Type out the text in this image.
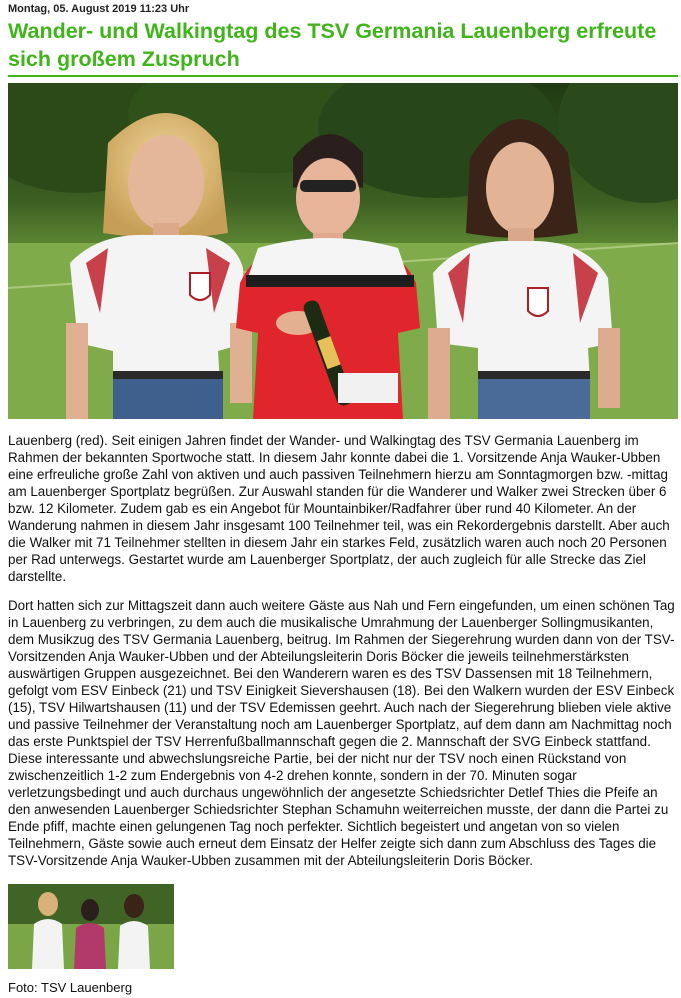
Montag, 05. August 2019 11:23 Uhr
Wander- und Walkingtag des TSV Germania Lauenberg erfreute sich großem Zuspruch

Lauenberg (red). Seit einigen Jahren findet der Wander- und Walkingtag des TSV Germania Lauenberg im Rahmen der bekannten Sportwoche statt. In diesem Jahr konnte dabei die 1. Vorsitzende Anja Wauker-Ubben eine erfreuliche große Zahl von aktiven und auch passiven Teilnehmern hierzu am Sonntagmorgen bzw. -mittag am Lauenberger Sportplatz begrüßen. Zur Auswahl standen für die Wanderer und Walker zwei Strecken über 6 bzw. 12 Kilometer. Zudem gab es ein Angebot für Mountainbiker/Radfahrer über rund 40 Kilometer. An der Wanderung nahmen in diesem Jahr insgesamt 100 Teilnehmer teil, was ein Rekordergebnis darstellt. Aber auch die Walker mit 71 Teilnehmer stellten in diesem Jahr ein starkes Feld, zusätzlich waren auch noch 20 Personen per Rad unterwegs. Gestartet wurde am Lauenberger Sportplatz, der auch zugleich für alle Strecke das Ziel darstellte.

Dort hatten sich zur Mittagszeit dann auch weitere Gäste aus Nah und Fern eingefunden, um einen schönen Tag in Lauenberg zu verbringen, zu dem auch die musikalische Umrahmung der Lauenberger Sollingmusikanten, dem Musikzug des TSV Germania Lauenberg, beitrug. Im Rahmen der Siegerehrung wurden dann von der TSV-Vorsitzenden Anja Wauker-Ubben und der Abteilungsleiterin Doris Böcker die jeweils teilnehmerstärksten auswärtigen Gruppen ausgezeichnet. Bei den Wanderern waren es des TSV Dassensen mit 18 Teilnehmern, gefolgt vom ESV Einbeck (21) und TSV Einigkeit Sievershausen (18). Bei den Walkern wurden der ESV Einbeck (15), TSV Hilwartshausen (11) und der TSV Edemissen geehrt. Auch nach der Siegerehrung blieben viele aktive und passive Teilnehmer der Veranstaltung noch am Lauenberger Sportplatz, auf dem dann am Nachmittag noch das erste Punktspiel der TSV Herrenfußballmannschaft gegen die 2. Mannschaft der SVG Einbeck stattfand. Diese interessante und abwechslungsreiche Partie, bei der nicht nur der TSV noch einen Rückstand von zwischenzeitlich 1-2 zum Endergebnis von 4-2 drehen konnte, sondern in der 70. Minuten sogar verletzungsbedingt und auch durchaus ungewöhnlich der angesetzte Schiedsrichter Detlef Thies die Pfeife an den anwesenden Lauenberger Schiedsrichter Stephan Schamuhn weiterreichen musste, der dann die Partei zu Ende pfiff, machte einen gelungenen Tag noch perfekter. Sichtlich begeistert und angetan von so vielen Teilnehmern, Gäste sowie auch erneut dem Einsatz der Helfer zeigte sich dann zum Abschluss des Tages die TSV-Vorsitzende Anja Wauker-Ubben zusammen mit der Abteilungsleiterin Doris Böcker.

Foto: TSV Lauenberg
